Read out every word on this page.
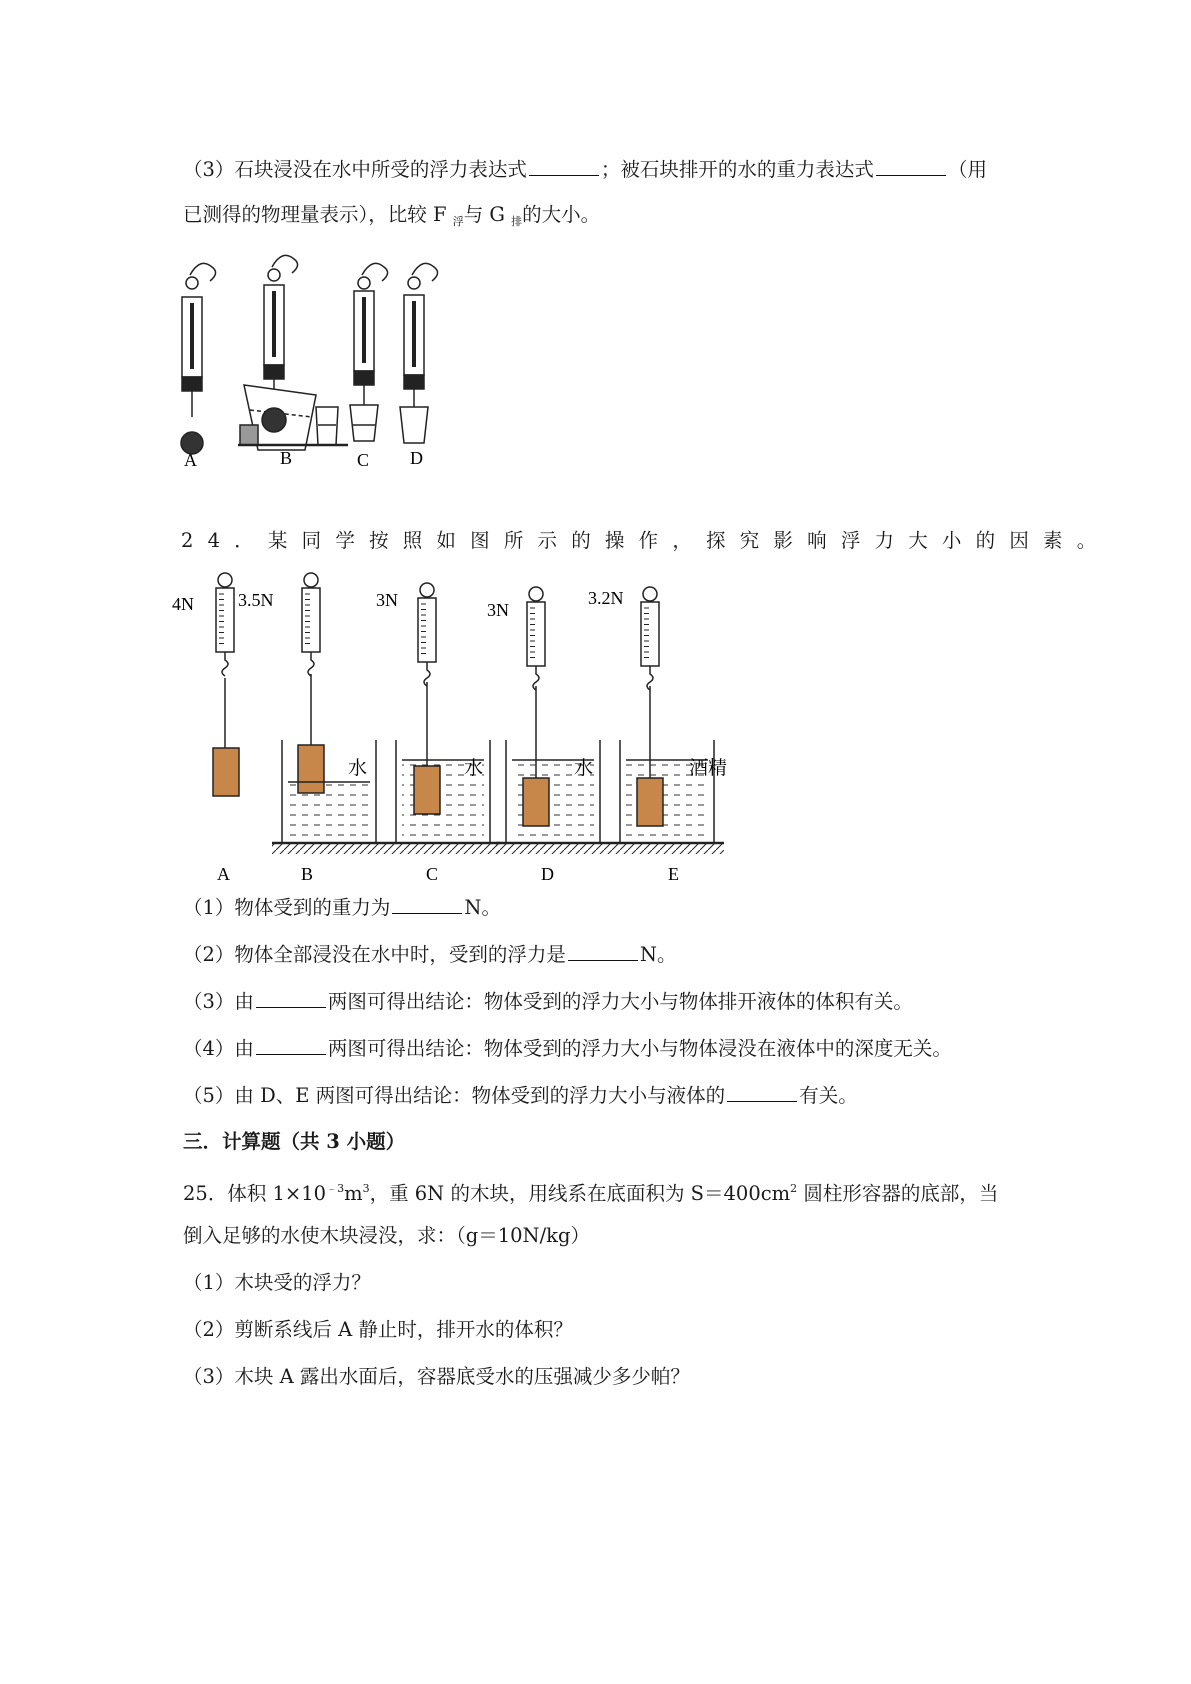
（3）石块浸没在水中所受的浮力表达式	；被石块排开的水的重力表达式	（用
已测得的物理量表示），比较 F $_浮$与 G $_排$的大小。
A	B	C D
24．某同学按照如图所示的操作，探究影响浮力大小的因素。
4N 3.5N	3N	3N
3.2N
水	水	水	酒精
A	B	C	D	E
（1）物体受到的重力为	N。
（2）物体全部浸没在水中时，受到的浮力是	N。
（3）由	两图可得出结论：物体受到的浮力大小与物体排开液体的体积有关。
（4）由	两图可得出结论：物体受到的浮力大小与物体浸没在液体中的深度无关。
（5）由 D、E 两图可得出结论：物体受到的浮力大小与液体的	有关。
三．计算题（共 3 小题）
25．体积 $1\times 10^{﹣3}m^3$，重 6N 的木块，用线系在底面积为 $S=400cm^2$ 圆柱形容器的底部，当
倒入足够的水使木块浸没，求：（g＝10N/kg）
（1）木块受的浮力？
（2）剪断系线后 A 静止时，排开水的体积？
（3）木块 A 露出水面后，容器底受水的压强减少多少帕？
